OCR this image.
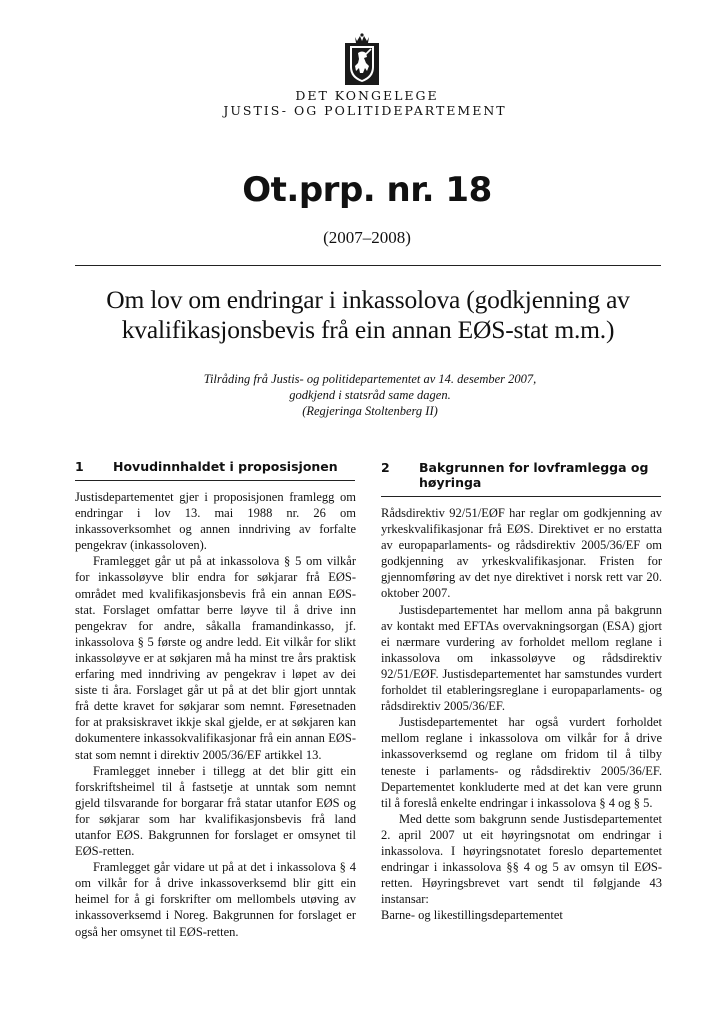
DET KONGELEGE
JUSTIS- OG POLITIDEPARTEMENT
Ot.prp. nr. 18
(2007–2008)
Om lov om endringar i inkassolova (godkjenning av kvalifikasjonsbevis frå ein annan EØS-stat m.m.)
Tilråding frå Justis- og politidepartementet av 14. desember 2007,
godkjend i statsråd same dagen.
(Regjeringa Stoltenberg II)
1 Hovudinnhaldet i proposisjonen

Justisdepartementet gjer i proposisjonen framlegg om endringar i lov 13. mai 1988 nr. 26 om inkassoverksomhet og annen inndriving av forfalte pengekrav (inkassoloven).

Framlegget går ut på at inkassolova § 5 om vilkår for inkassoløyve blir endra for søkjarar frå EØS-området med kvalifikasjonsbevis frå ein annan EØS-stat. Forslaget omfattar berre løyve til å drive inn pengekrav for andre, såkalla framandinkasso, jf. inkassolova § 5 første og andre ledd. Eit vilkår for slikt inkassoløyve er at søkjaren må ha minst tre års praktisk erfaring med inndriving av pengekrav i løpet av dei siste ti åra. Forslaget går ut på at det blir gjort unntak frå dette kravet for søkjarar som nemnt. Føresetnaden for at praksiskravet ikkje skal gjelde, er at søkjaren kan dokumentere inkassokvalifikasjonar frå ein annan EØS-stat som nemnt i direktiv 2005/36/EF artikkel 13.

Framlegget inneber i tillegg at det blir gitt ein forskriftsheimel til å fastsetje at unntak som nemnt gjeld tilsvarande for borgarar frå statar utanfor EØS og for søkjarar som har kvalifikasjonsbevis frå land utanfor EØS. Bakgrunnen for forslaget er omsynet til EØS-retten.

Framlegget går vidare ut på at det i inkassolova § 4 om vilkår for å drive inkassoverksemd blir gitt ein heimel for å gi forskrifter om mellombels utøving av inkassoverksemd i Noreg. Bakgrunnen for forslaget er også her omsynet til EØS-retten.

2 Bakgrunnen for lovframlegga og høyringa

Rådsdirektiv 92/51/EØF har reglar om godkjenning av yrkeskvalifikasjonar frå EØS. Direktivet er no erstatta av europaparlaments- og rådsdirektiv 2005/36/EF om godkjenning av yrkeskvalifikasjonar. Fristen for gjennomføring av det nye direktivet i norsk rett var 20. oktober 2007.

Justisdepartementet har mellom anna på bakgrunn av kontakt med EFTAs overvakningsorgan (ESA) gjort ei nærmare vurdering av forholdet mellom reglane i inkassolova om inkassoløyve og rådsdirektiv 92/51/EØF. Justisdepartementet har samstundes vurdert forholdet til etableringsreglane i europaparlaments- og rådsdirektiv 2005/36/EF.

Justisdepartementet har også vurdert forholdet mellom reglane i inkassolova om vilkår for å drive inkassoverksemd og reglane om fridom til å tilby teneste i parlaments- og rådsdirektiv 2005/36/EF. Departementet konkluderte med at det kan vere grunn til å foreslå enkelte endringar i inkassolova § 4 og § 5.

Med dette som bakgrunn sende Justisdepartementet 2. april 2007 ut eit høyringsnotat om endringar i inkassolova. I høyringsnotatet foreslo departementet endringar i inkassolova §§ 4 og 5 av omsyn til EØS-retten. Høyringsbrevet vart sendt til følgjande 43 instansar:

Barne- og likestillingsdepartementet
